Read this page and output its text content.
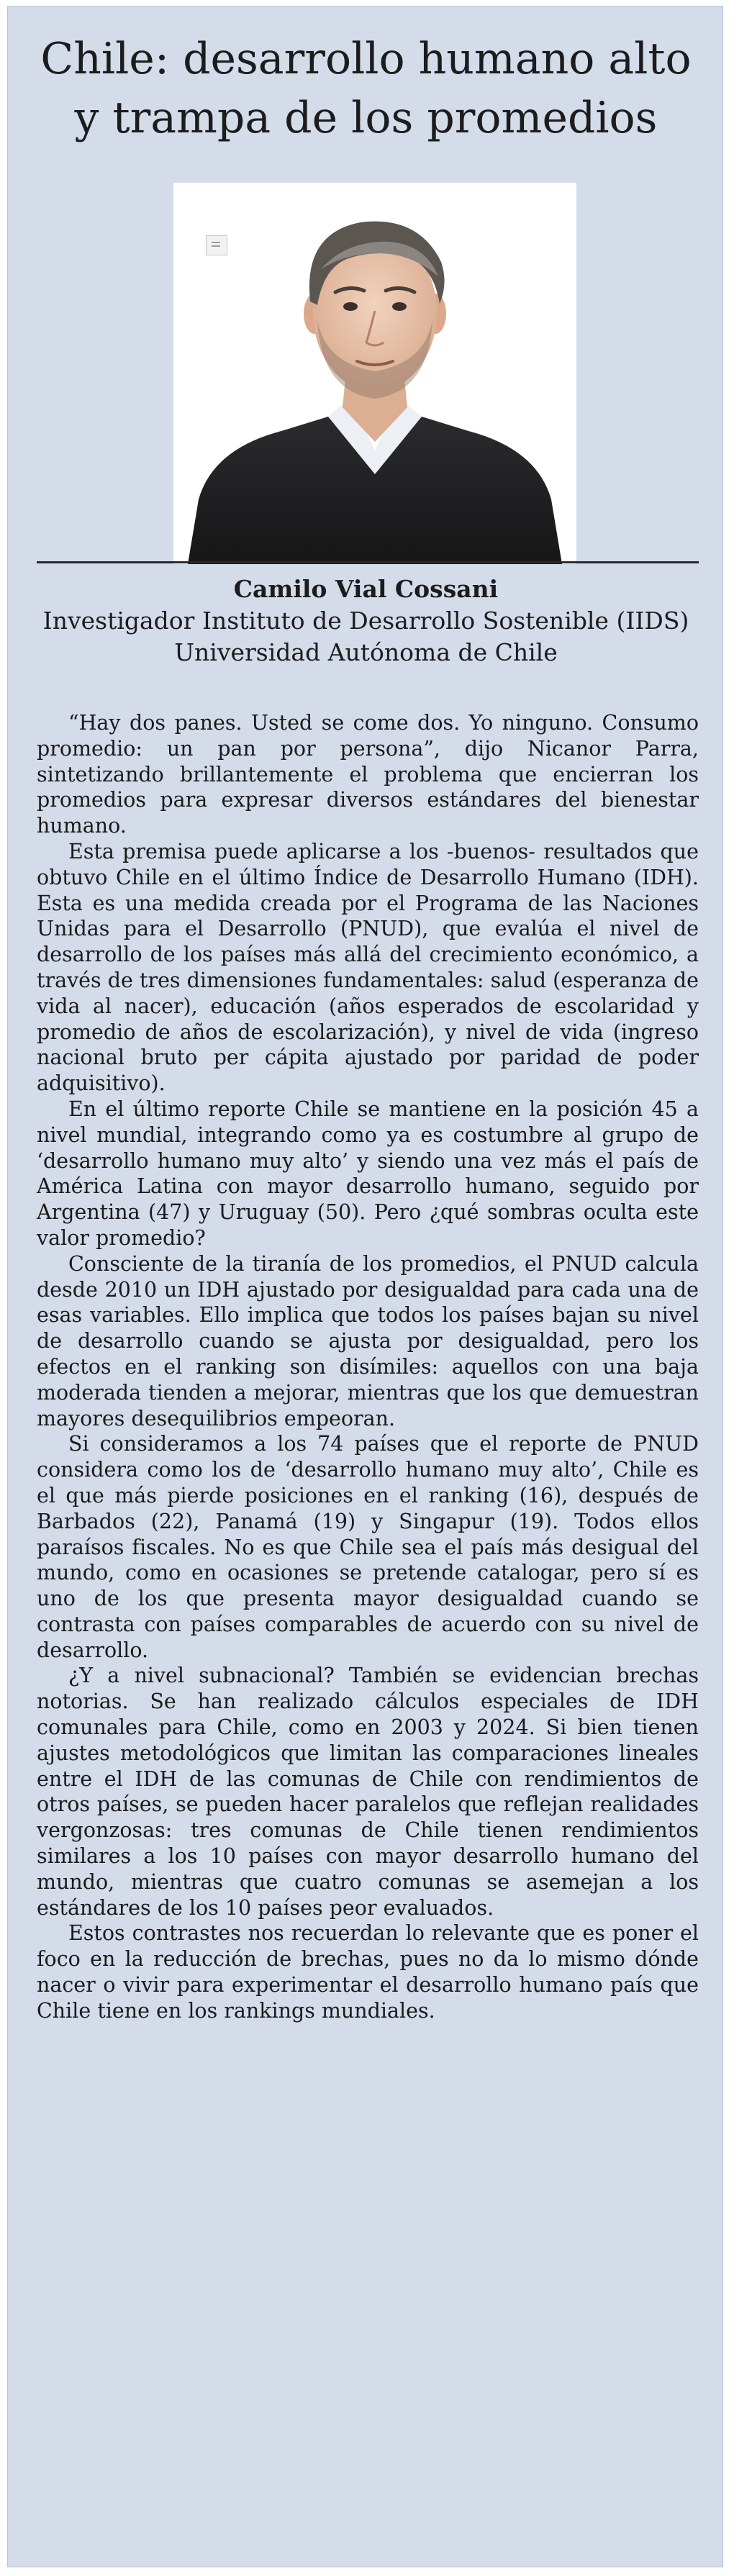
Chile: desarrollo humano alto
y trampa de los promedios
Camilo Vial Cossani
Investigador Instituto de Desarrollo Sostenible (IIDS)
Universidad Autónoma de Chile

“Hay dos panes. Usted se come dos. Yo ninguno. Consumo promedio: un pan por persona”, dijo Nicanor Parra, sintetizando brillantemente el problema que encierran los promedios para expresar diversos estándares del bienestar humano.

Esta premisa puede aplicarse a los -buenos- resultados que obtuvo Chile en el último Índice de Desarrollo Humano (IDH). Esta es una medida creada por el Programa de las Naciones Unidas para el Desarrollo (PNUD), que evalúa el nivel de desarrollo de los países más allá del crecimiento económico, a través de tres dimensiones fundamentales: salud (esperanza de vida al nacer), educación (años esperados de escolaridad y promedio de años de escolarización), y nivel de vida (ingreso nacional bruto per cápita ajustado por paridad de poder adquisitivo).

En el último reporte Chile se mantiene en la posición 45 a nivel mundial, integrando como ya es costumbre al grupo de ‘desarrollo humano muy alto’ y siendo una vez más el país de América Latina con mayor desarrollo humano, seguido por Argentina (47) y Uruguay (50). Pero ¿qué sombras oculta este valor promedio?

Consciente de la tiranía de los promedios, el PNUD calcula desde 2010 un IDH ajustado por desigualdad para cada una de esas variables. Ello implica que todos los países bajan su nivel de desarrollo cuando se ajusta por desigualdad, pero los efectos en el ranking son disímiles: aquellos con una baja moderada tienden a mejorar, mientras que los que demuestran mayores desequilibrios empeoran.

Si consideramos a los 74 países que el reporte de PNUD considera como los de ‘desarrollo humano muy alto’, Chile es el que más pierde posiciones en el ranking (16), después de Barbados (22), Panamá (19) y Singapur (19). Todos ellos paraísos fiscales. No es que Chile sea el país más desigual del mundo, como en ocasiones se pretende catalogar, pero sí es uno de los que presenta mayor desigualdad cuando se contrasta con países comparables de acuerdo con su nivel de desarrollo.

¿Y a nivel subnacional? También se evidencian brechas notorias. Se han realizado cálculos especiales de IDH comunales para Chile, como en 2003 y 2024. Si bien tienen ajustes metodológicos que limitan las comparaciones lineales entre el IDH de las comunas de Chile con rendimientos de otros países, se pueden hacer paralelos que reflejan realidades vergonzosas: tres comunas de Chile tienen rendimientos similares a los 10 países con mayor desarrollo humano del mundo, mientras que cuatro comunas se asemejan a los estándares de los 10 países peor evaluados.

Estos contrastes nos recuerdan lo relevante que es poner el foco en la reducción de brechas, pues no da lo mismo dónde nacer o vivir para experimentar el desarrollo humano país que Chile tiene en los rankings mundiales.
